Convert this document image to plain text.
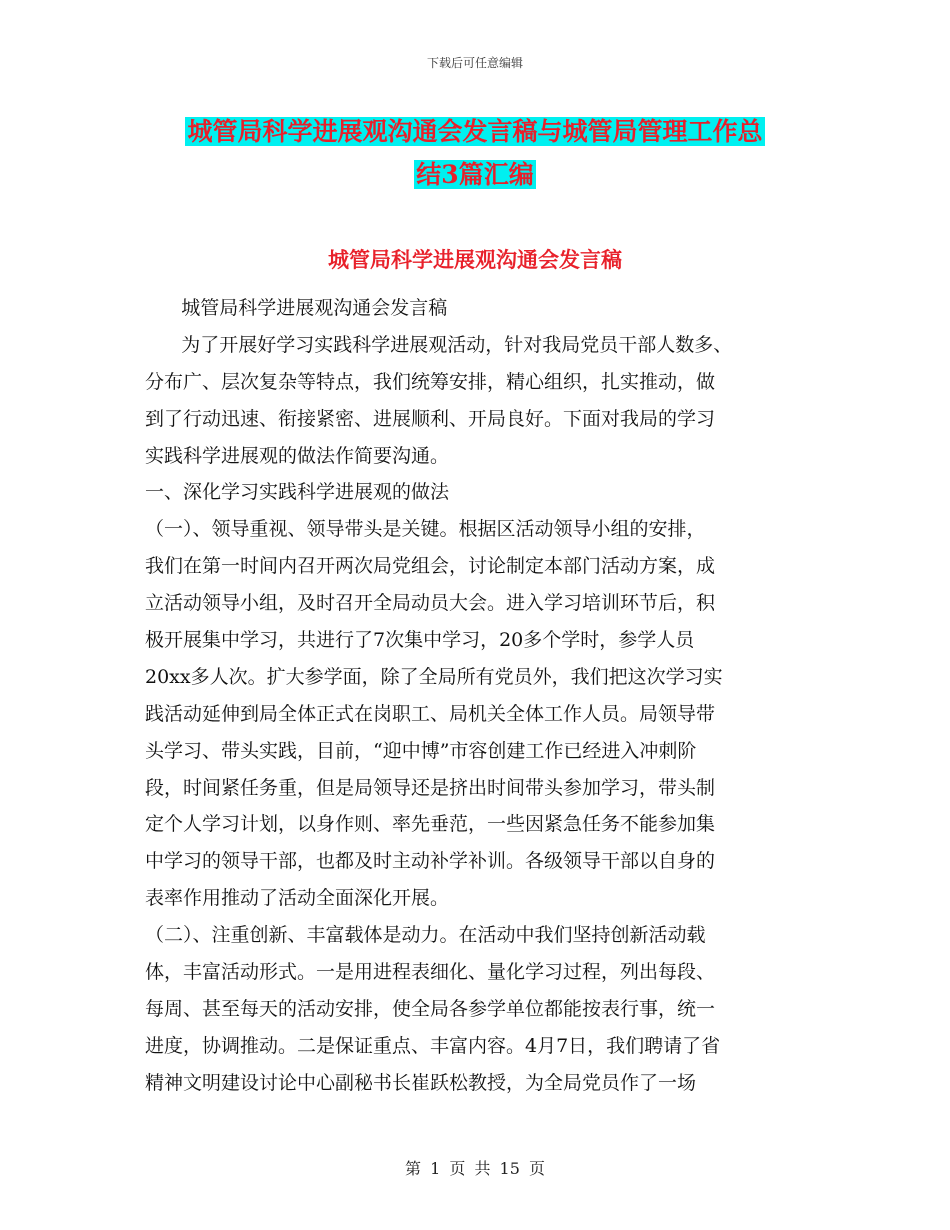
下载后可任意编辑
城管局科学进展观沟通会发言稿与城管局管理工作总
结3篇汇编
城管局科学进展观沟通会发言稿
城管局科学进展观沟通会发言稿
为了开展好学习实践科学进展观活动，针对我局党员干部人数多、
分布广、层次复杂等特点，我们统筹安排，精心组织，扎实推动，做
到了行动迅速、衔接紧密、进展顺利、开局良好。下面对我局的学习
实践科学进展观的做法作简要沟通。
一、深化学习实践科学进展观的做法
（一）、领导重视、领导带头是关键。根据区活动领导小组的安排，
我们在第一时间内召开两次局党组会，讨论制定本部门活动方案，成
立活动领导小组，及时召开全局动员大会。进入学习培训环节后，积
极开展集中学习，共进行了7次集中学习，20多个学时，参学人员
20xx多人次。扩大参学面，除了全局所有党员外，我们把这次学习实
践活动延伸到局全体正式在岗职工、局机关全体工作人员。局领导带
头学习、带头实践，目前，“迎中博”市容创建工作已经进入冲刺阶
段，时间紧任务重，但是局领导还是挤出时间带头参加学习，带头制
定个人学习计划，以身作则、率先垂范，一些因紧急任务不能参加集
中学习的领导干部，也都及时主动补学补训。各级领导干部以自身的
表率作用推动了活动全面深化开展。
（二）、注重创新、丰富载体是动力。在活动中我们坚持创新活动载
体，丰富活动形式。一是用进程表细化、量化学习过程，列出每段、
每周、甚至每天的活动安排，使全局各参学单位都能按表行事，统一
进度，协调推动。二是保证重点、丰富内容。4月7日，我们聘请了省
精神文明建设讨论中心副秘书长崔跃松教授，为全局党员作了一场
第 1 页 共 15 页
